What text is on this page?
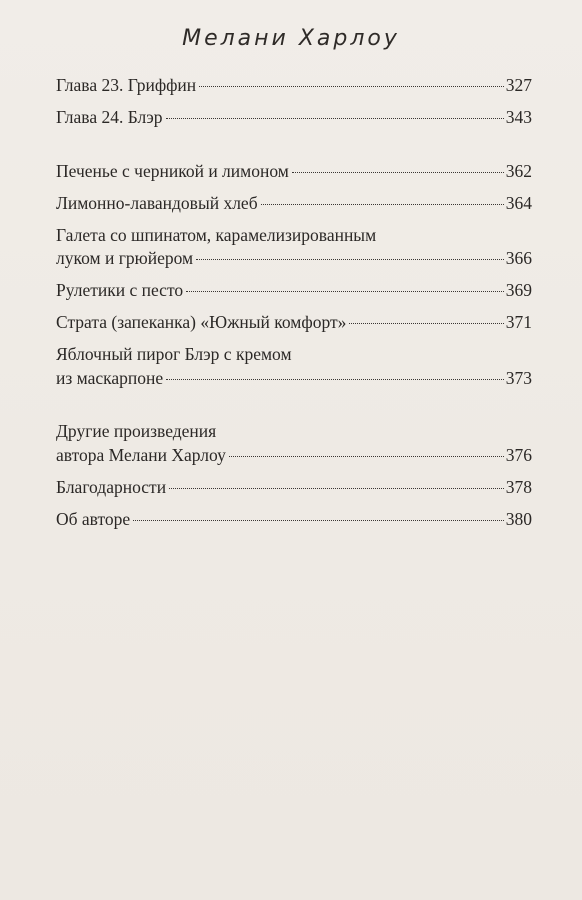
Мелани Харлоу
Глава 23. Гриффин	327
Глава 24. Блэр	343
Печенье с черникой и лимоном	362
Лимонно-лавандовый хлеб	364
Галета со шпинатом, карамелизированным
луком и грюйером	366
Рулетики с песто	369
Страта (запеканка) «Южный комфорт»	371
Яблочный пирог Блэр с кремом
из маскарпоне	373
Другие произведения
автора Мелани Харлоу	376
Благодарности	378
Об авторе	380
